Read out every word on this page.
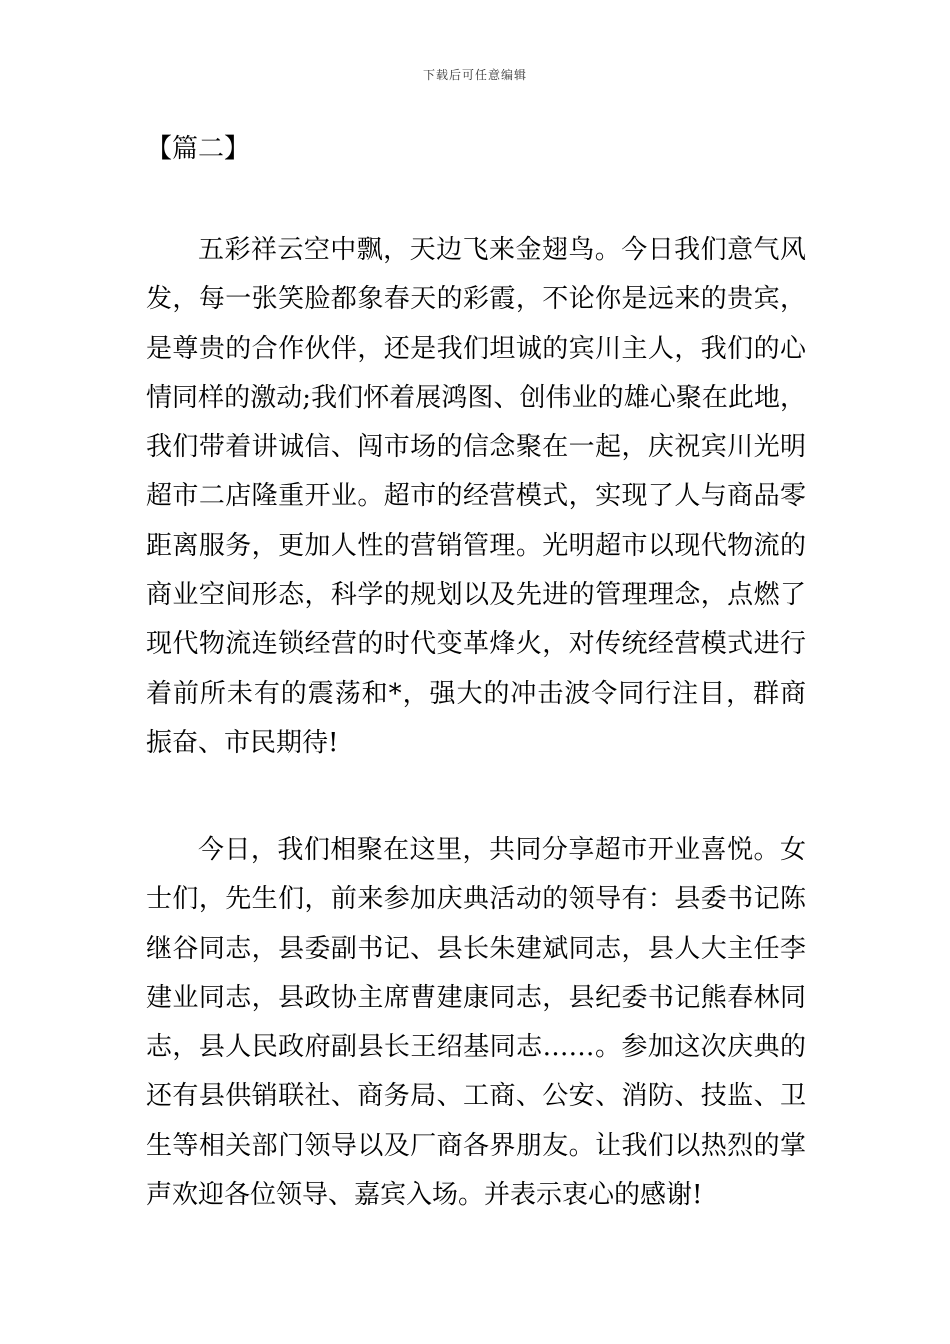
下载后可任意编辑
【篇二】

五彩祥云空中飘，天边飞来金翅鸟。今日我们意气风发，每一张笑脸都象春天的彩霞，不论你是远来的贵宾，是尊贵的合作伙伴，还是我们坦诚的宾川主人，我们的心情同样的激动;我们怀着展鸿图、创伟业的雄心聚在此地，我们带着讲诚信、闯市场的信念聚在一起，庆祝宾川光明超市二店隆重开业。超市的经营模式，实现了人与商品零距离服务，更加人性的营销管理。光明超市以现代物流的商业空间形态，科学的规划以及先进的管理理念，点燃了现代物流连锁经营的时代变革烽火，对传统经营模式进行着前所未有的震荡和*，强大的冲击波令同行注目，群商振奋、市民期待!

今日，我们相聚在这里，共同分享超市开业喜悦。女士们，先生们，前来参加庆典活动的领导有：县委书记陈继谷同志，县委副书记、县长朱建斌同志，县人大主任李建业同志，县政协主席曹建康同志，县纪委书记熊春林同志，县人民政府副县长王绍基同志……。参加这次庆典的还有县供销联社、商务局、工商、公安、消防、技监、卫生等相关部门领导以及厂商各界朋友。让我们以热烈的掌声欢迎各位领导、嘉宾入场。并表示衷心的感谢!
